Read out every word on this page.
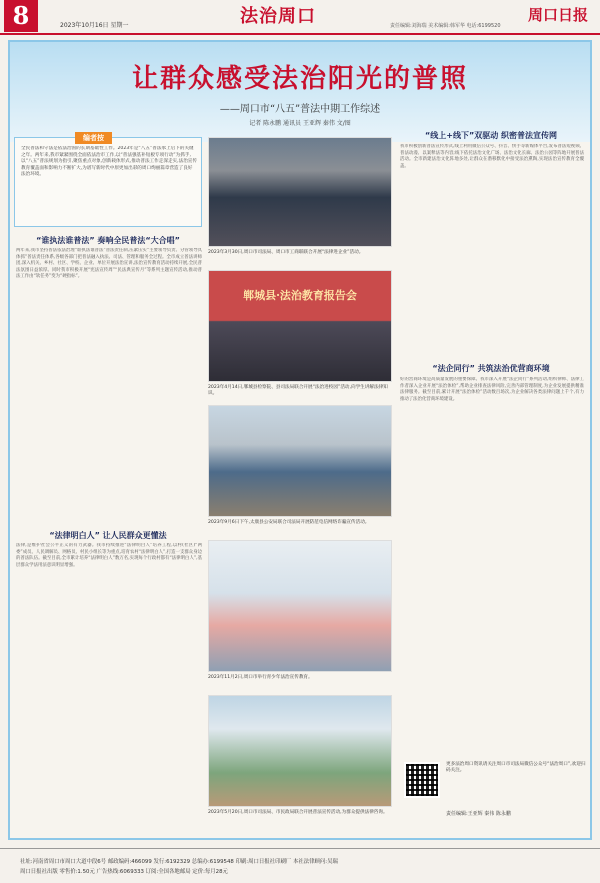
8	2023年10月16日 星期一	法治周口	责任编辑:刘海瑞 美术编辑:韩军华 电话:6199520
周口日报
让群众感受法治阳光的普照
——周口市“八五”普法中期工作综述
记者 陈永鹏 通讯员 王亚辉 秦伟 文/图
编者按
全民普法和守法是依法治国的长期基础性工作。2023年是“八五”普法承上启下的关键之年。两年来,我市紧紧围绕全面依法治市工作,以“普法强基补短板专项行动”为抓手,以“八五”普法规划为指引,聚焦重点对象,创新载体形式,推动普法工作走深走实,法治宣传教育覆盖面和影响力不断扩大,为谱写新时代中原更加出彩的周口绚丽篇章营造了良好法治环境。
“谁执法谁普法” 奏响全民普法“大合唱”
两年来,我市坚持普法依法治理“谁执法谁普法”普法责任制,压紧压实“主要领导负责、分管领导具体抓”普法责任体系,各级各部门把普法融入执法、司法、管理和服务全过程。全市成立普法讲师团,深入机关、乡村、社区、学校、企业、单位开展法治宣讲,法治宣传教育活动持续开展,全民普法氛围日益浓厚。同时我市积极开展“宪法宣传周”“民法典宣传月”等系列主题宣传活动,推动普法工作由“软任务”变为“硬指标”。
“法律明白人” 让人民群众更懂法
法律,是维护社会公平正义的有力武器。我市持续推进“法律明白人”培养工程,以村(社区)“两委”成员、人民调解员、网格员、村民小组长等为重点,培育农村“法律明白人”,打造一支群众身边的普法队伍。截至目前,全市累计培养“法律明白人”数万名,实现每个行政村都有“法律明白人”,基层群众学法用法意识明显增强。
2023年3月30日,周口市司法局、周口市工商联联合开展“法律进企业”活动。
郸城县·法治教育报告会
2023年4月14日,郸城县检察院、县司法局联合开展“法治进校园”活动,向学生讲解法律知识。
2023年9月6日下午,太康县公安局联合司法局开展防范电信网络诈骗宣传活动。
2023年11月2日,周口市举行青少年法治宣传教育。
2023年5月20日,周口市司法局、市民政局联合开展普法宣传活动,为群众提供法律咨询。
“线上+线下”双驱动 织密普法宣传网
我市积极创新普法宣传形式,线上利用微信公众号、抖音、快手等新媒体平台,发布普法短视频、普法动漫、以案释法等内容;线下依托法治文化广场、法治文化长廊、法治公园等阵地开展普法活动。全市新建法治文化阵地多处,让群众在潜移默化中接受法治熏陶,实现法治宣传教育全覆盖。
“法企同行” 共筑法治优营商环境
好的营商环境是高质量发展的重要保障。我市深入开展“法企同行”系列活动,组织律师、法律工作者深入企业开展“法治体检”,帮助企业排查法律风险,完善内部管理制度,为企业发展提供精准法律服务。截至目前,累计开展“法治体检”活动数百场次,为企业解决各类法律问题上千个,有力推动了法治化营商环境建设。
更多法治周口资讯请关注周口市司法局微信公众号“法治周口”,欢迎扫码关注。
责任编辑:王亚辉 秦伟 陈永鹏
社址:河南省周口市周口大道中段6号 邮政编码:466099 发行:6192329 总编办:6199548 印刷:周口日报社印刷厂 本社法律顾问:吴瑞
周口日报社出版 零售价:1.50元 广告热线:6069333 订阅:全国各地邮局 定价:每月28元
